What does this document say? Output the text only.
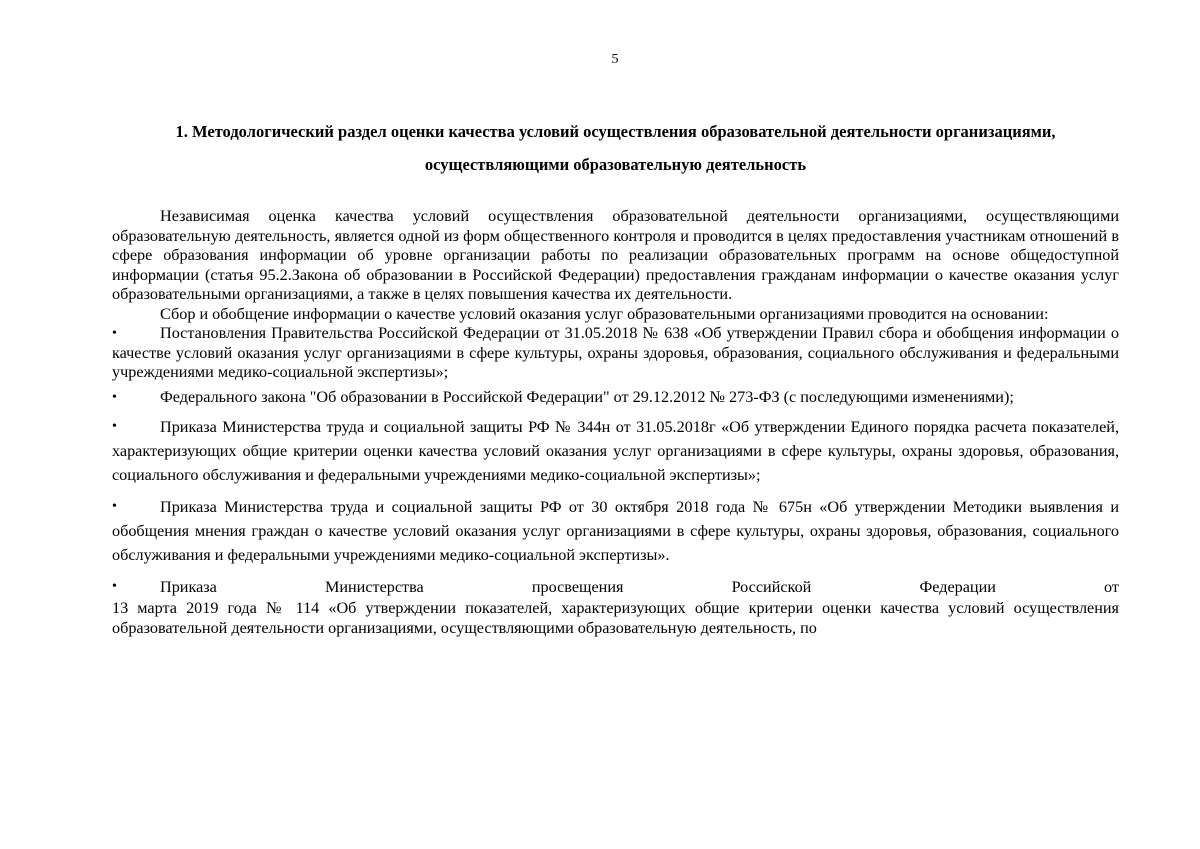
5
1. Методологический раздел оценки качества условий осуществления образовательной деятельности организациями,
осуществляющими образовательную деятельность

Независимая оценка качества условий осуществления образовательной деятельности организациями, осуществляющими образовательную деятельность, является одной из форм общественного контроля и проводится в целях предоставления участникам отношений в сфере образования информации об уровне организации работы по реализации образовательных программ на основе общедоступной информации (статья 95.2.Закона об образовании в Российской Федерации) предоставления гражданам информации о качестве оказания услуг образовательными организациями, а также в целях повышения качества их деятельности.

Сбор и обобщение информации о качестве условий оказания услуг образовательными организациями проводится на основании:

•	Постановления Правительства Российской Федерации от 31.05.2018 № 638 «Об утверждении Правил сбора и обобщения информации о качестве условий оказания услуг организациями в сфере культуры, охраны здоровья, образования, социального обслуживания и федеральными учреждениями медико-социальной экспертизы»;

•	Федерального закона "Об образовании в Российской Федерации" от 29.12.2012 № 273-ФЗ (с последующими изменениями);

•	Приказа Министерства труда и социальной защиты РФ № 344н от 31.05.2018г «Об утверждении Единого порядка расчета показателей, характеризующих общие критерии оценки качества условий оказания услуг организациями в сфере культуры, охраны здоровья, образования, социального обслуживания и федеральными учреждениями медико-социальной экспертизы»;

•	Приказа Министерства труда и социальной защиты РФ от 30 октября 2018 года № 675н «Об утверждении Методики выявления и обобщения мнения граждан о качестве условий оказания услуг организациями в сфере культуры, охраны здоровья, образования, социального обслуживания и федеральными учреждениями медико-социальной экспертизы».

•	Приказа Министерства просвещения Российской Федерации от

13 марта 2019 года № 114 «Об утверждении показателей, характеризующих общие критерии оценки качества условий осуществления образовательной деятельности организациями, осуществляющими образовательную деятельность, по
